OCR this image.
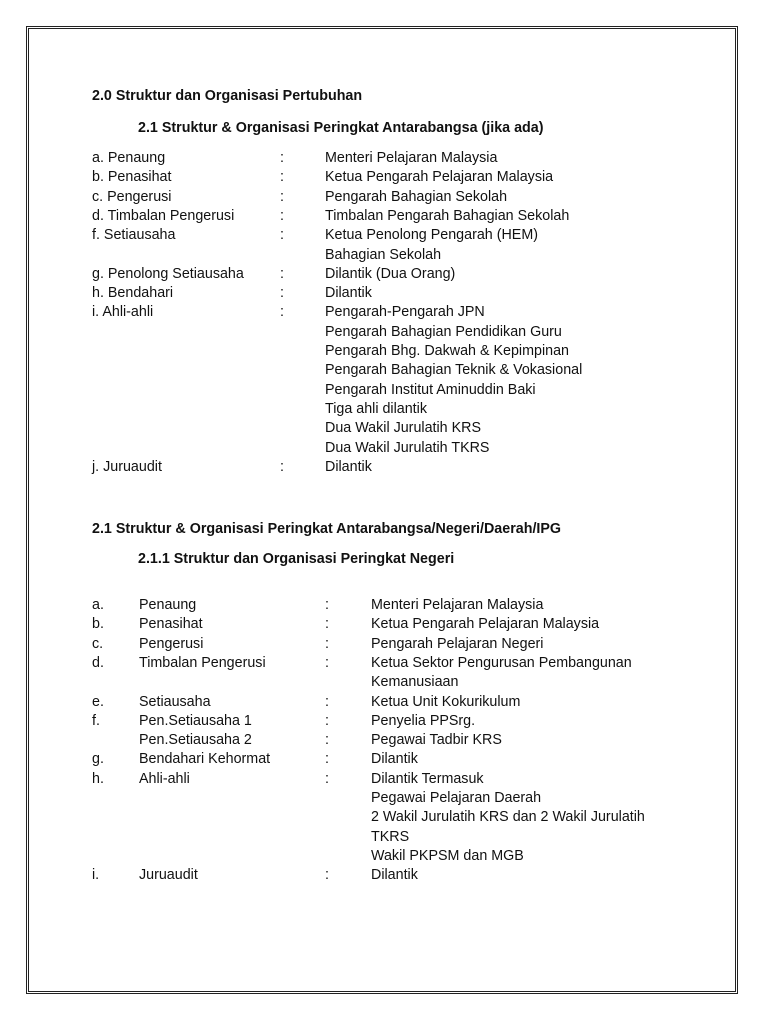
2.0 Struktur dan Organisasi Pertubuhan
2.1 Struktur & Organisasi Peringkat Antarabangsa (jika ada)
a. Penaung	:	Menteri Pelajaran Malaysia
b. Penasihat	:	Ketua Pengarah Pelajaran Malaysia
c. Pengerusi	:	Pengarah Bahagian Sekolah
d. Timbalan Pengerusi	:	Timbalan Pengarah Bahagian Sekolah
f. Setiausaha	:	Ketua Penolong Pengarah (HEM)
Bahagian Sekolah
g. Penolong Setiausaha	:	Dilantik (Dua Orang)
h. Bendahari	:	Dilantik
i. Ahli-ahli	:	Pengarah-Pengarah JPN
Pengarah Bahagian Pendidikan Guru
Pengarah Bhg. Dakwah & Kepimpinan
Pengarah Bahagian Teknik & Vokasional
Pengarah Institut Aminuddin Baki
Tiga ahli dilantik
Dua Wakil Jurulatih KRS
Dua Wakil Jurulatih TKRS
j. Juruaudit	:	Dilantik
2.1 Struktur & Organisasi Peringkat Antarabangsa/Negeri/Daerah/IPG
2.1.1 Struktur dan Organisasi Peringkat Negeri
a. Penaung	:	Menteri Pelajaran Malaysia
b. Penasihat	:	Ketua Pengarah Pelajaran Malaysia
c.	Pengerusi	:	Pengarah Pelajaran Negeri
d. Timbalan Pengerusi	:	Ketua Sektor Pengurusan Pembangunan
Kemanusiaan
e. Setiausaha	:	Ketua Unit Kokurikulum
f.	Pen.Setiausaha 1	:	Penyelia PPSrg.
Pen.Setiausaha 2	:	Pegawai Tadbir KRS
g. Bendahari Kehormat	:	Dilantik
h. Ahli-ahli	:	Dilantik Termasuk
Pegawai Pelajaran Daerah
2 Wakil Jurulatih KRS dan 2 Wakil Jurulatih
TKRS
Wakil PKPSM dan MGB
i.	Juruaudit	:	Dilantik
